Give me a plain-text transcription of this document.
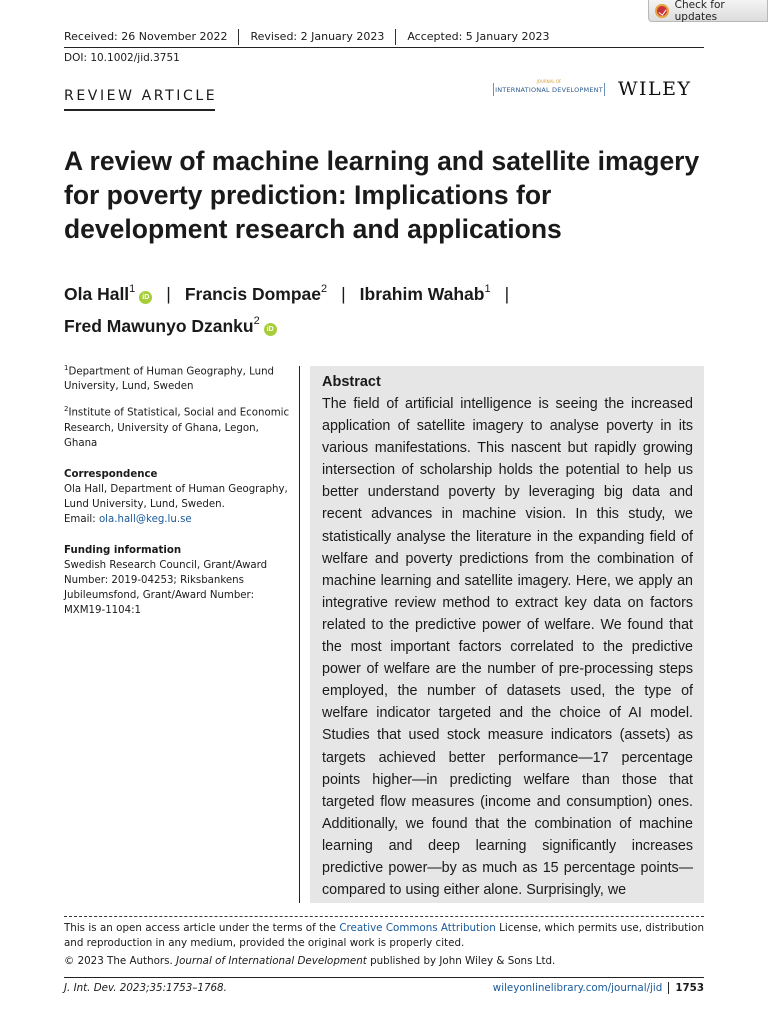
Check for updates
Received: 26 November 2022	Revised: 2 January 2023	Accepted: 5 January 2023
DOI: 10.1002/jid.3751
REVIEW ARTICLE
JOURNAL OF
INTERNATIONAL DEVELOPMENT WILEY
A review of machine learning and satellite imagery for poverty prediction: Implications for development research and applications
Ola Hall$^1$iD | Francis Dompae$^2$ | Ibrahim Wahab$^1$ |
Fred Mawunyo Dzanku$^2$iD

$^1$Department of Human Geography, Lund University, Lund, Sweden

$^2$Institute of Statistical, Social and Economic Research, University of Ghana, Legon, Ghana

Correspondence
Ola Hall, Department of Human Geography, Lund University, Lund, Sweden.
Email: ola.hall@keg.lu.se

Funding information
Swedish Research Council, Grant/Award Number: 2019-04253; Riksbankens Jubileumsfond, Grant/Award Number: MXM19-1104:1

Abstract
The field of artificial intelligence is seeing the increased application of satellite imagery to analyse poverty in its various manifestations. This nascent but rapidly growing intersection of scholarship holds the potential to help us better understand poverty by leveraging big data and recent advances in machine vision. In this study, we statistically analyse the literature in the expanding field of welfare and poverty predictions from the combination of machine learning and satellite imagery. Here, we apply an integrative review method to extract key data on factors related to the predictive power of welfare. We found that the most important factors correlated to the predictive power of welfare are the number of pre-processing steps employed, the number of datasets used, the type of welfare indicator targeted and the choice of AI model. Studies that used stock measure indicators (assets) as targets achieved better performance—17 percentage points higher—in predicting welfare than those that targeted flow measures (income and consumption) ones. Additionally, we found that the combination of machine learning and deep learning significantly increases predictive power—by as much as 15 percentage points—compared to using either alone. Surprisingly, we
This is an open access article under the terms of the Creative Commons Attribution License, which permits use, distribution and reproduction in any medium, provided the original work is properly cited.
© 2023 The Authors. Journal of International Development published by John Wiley & Sons Ltd.
J. Int. Dev. 2023;35:1753–1768.	wileyonlinelibrary.com/journal/jid	1753
